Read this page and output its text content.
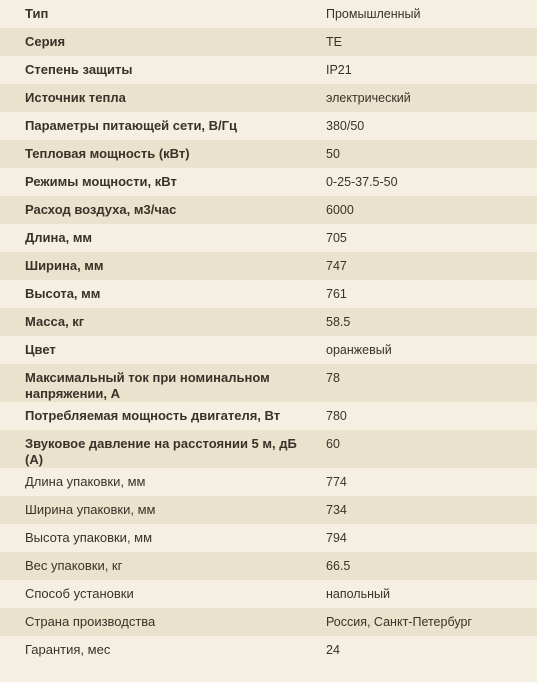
Тип	Промышленный

Серия	TE

Степень защиты	IP21

Источник тепла	электрический

Параметры питающей сети, В/Гц	380/50

Тепловая мощность (кВт)	50

Режимы мощности, кВт	0-25-37.5-50

Расход воздуха, м3/час	6000

Длина, мм	705

Ширина, мм	747

Высота, мм	761

Масса, кг	58.5

Цвет	оранжевый

Максимальный ток при номинальном напряжении, А	78

Потребляемая мощность двигателя, Вт	780

Звуковое давление на расстоянии 5 м, дБ (А)	60

Длина упаковки, мм	774

Ширина упаковки, мм	734

Высота упаковки, мм	794

Вес упаковки, кг	66.5

Способ установки	напольный

Страна производства	Россия, Санкт-Петербург

Гарантия, мес	24
